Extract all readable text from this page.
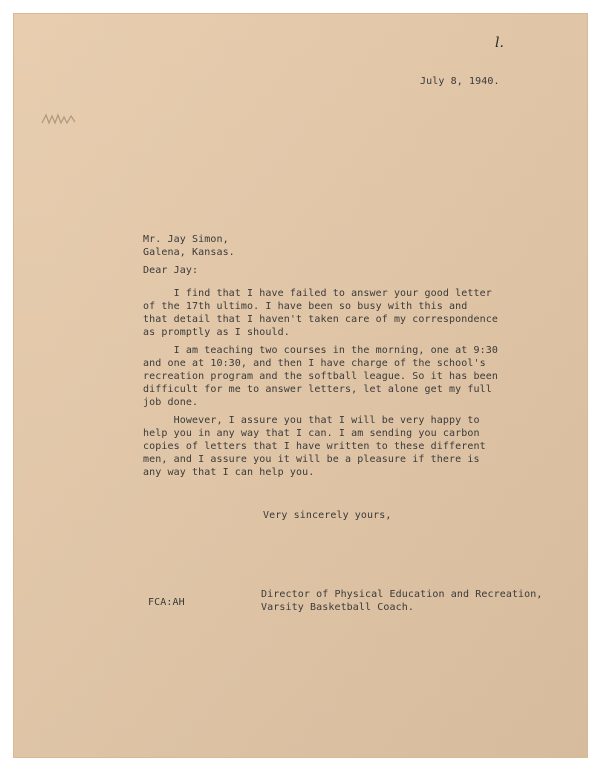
l.
July 8, 1940.
Mr. Jay Simon,
Galena, Kansas.
Dear Jay:
I find that I have failed to answer your good letter
of the 17th ultimo. I have been so busy with this and
that detail that I haven't taken care of my correspondence
as promptly as I should.
I am teaching two courses in the morning, one at 9:30
and one at 10:30, and then I have charge of the school's
recreation program and the softball league. So it has been
difficult for me to answer letters, let alone get my full
job done.
However, I assure you that I will be very happy to
help you in any way that I can. I am sending you carbon
copies of letters that I have written to these different
men, and I assure you it will be a pleasure if there is
any way that I can help you.
Very sincerely yours,
Director of Physical Education and Recreation,
Varsity Basketball Coach.
FCA:AH
